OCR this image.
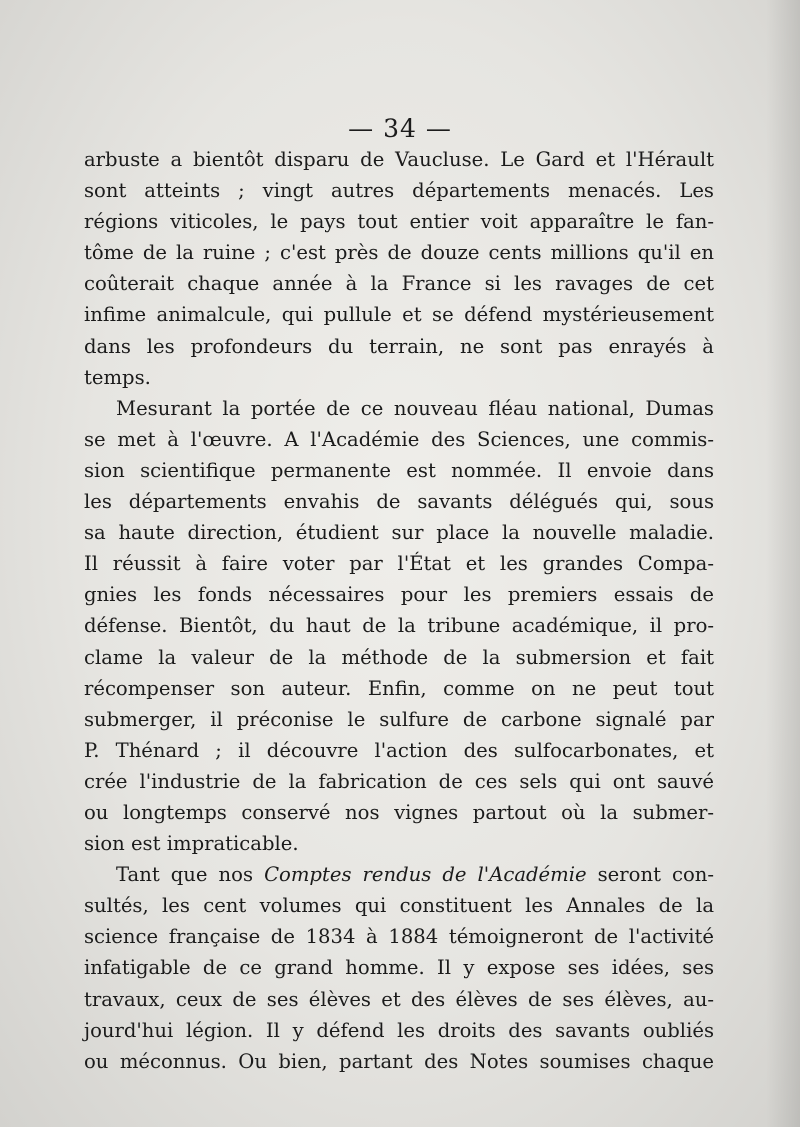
— 34 —
arbuste a bientôt disparu de Vaucluse. Le Gard et l'Hérault
sont atteints ; vingt autres départements menacés. Les
régions viticoles, le pays tout entier voit apparaître le fan-
tôme de la ruine ; c'est près de douze cents millions qu'il en
coûterait chaque année à la France si les ravages de cet
infime animalcule, qui pullule et se défend mystérieusement
dans les profondeurs du terrain, ne sont pas enrayés à
temps.
Mesurant la portée de ce nouveau fléau national, Dumas
se met à l'œuvre. A l'Académie des Sciences, une commis-
sion scientifique permanente est nommée. Il envoie dans
les départements envahis de savants délégués qui, sous
sa haute direction, étudient sur place la nouvelle maladie.
Il réussit à faire voter par l'État et les grandes Compa-
gnies les fonds nécessaires pour les premiers essais de
défense. Bientôt, du haut de la tribune académique, il pro-
clame la valeur de la méthode de la submersion et fait
récompenser son auteur. Enfin, comme on ne peut tout
submerger, il préconise le sulfure de carbone signalé par
P. Thénard ; il découvre l'action des sulfocarbonates, et
crée l'industrie de la fabrication de ces sels qui ont sauvé
ou longtemps conservé nos vignes partout où la submer-
sion est impraticable.
Tant que nos Comptes rendus de l'Académie seront con-
sultés, les cent volumes qui constituent les Annales de la
science française de 1834 à 1884 témoigneront de l'activité
infatigable de ce grand homme. Il y expose ses idées, ses
travaux, ceux de ses élèves et des élèves de ses élèves, au-
jourd'hui légion. Il y défend les droits des savants oubliés
ou méconnus. Ou bien, partant des Notes soumises chaque
